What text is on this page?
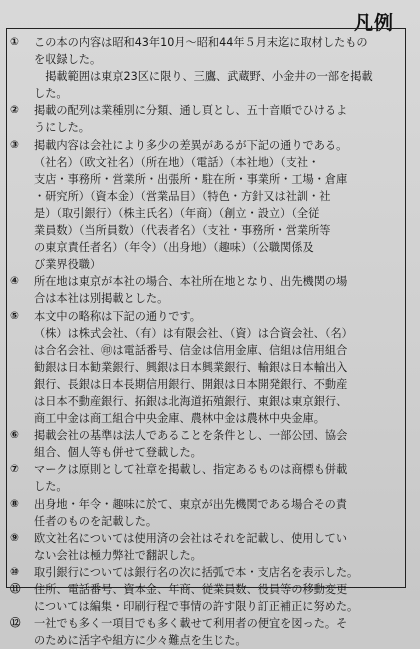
凡例
①	この本の内容は昭和43年10月～昭和44年５月末迄に取材したもの
を収録した。
　掲載範囲は東京23区に限り、三鷹、武蔵野、小金井の一部を掲載
した。
②	掲載の配列は業種別に分類、通し頁とし、五十音順でひけるよ
うにした。
③	掲載内容は会社により多少の差異があるが下記の通りである。
（社名）（欧文社名）（所在地）（電話）（本社地）（支社・
支店・事務所・営業所・出張所・駐在所・事業所・工場・倉庫
・研究所）（資本金）（営業品目）（特色・方針又は社訓・社
是）（取引銀行）（株主氏名）（年商）（創立・設立）（全従
業員数）（当所員数）（代表者名）（支社・事務所・営業所等
の東京責任者名）（年令）（出身地）（趣味）（公職関係及
び業界役職）
④	所在地は東京が本社の場合、本社所在地となり、出先機関の場
合は本社は別掲載とした。
⑤	本文中の略称は下記の通りです。
（株）は株式会社、（有）は有限会社、（資）は合資会社、（名）
は合名会社、㊞は電話番号、信金は信用金庫、信組は信用組合
勧銀は日本勧業銀行、興銀は日本興業銀行、輸銀は日本輸出入
銀行、長銀は日本長期信用銀行、開銀は日本開発銀行、不動産
は日本不動産銀行、拓銀は北海道拓殖銀行、東銀は東京銀行、
商工中金は商工組合中央金庫、農林中金は農林中央金庫。
⑥	掲載会社の基準は法人であることを条件とし、一部公団、協会
組合、個人等も併せて登載した。
⑦	マークは原則として社章を掲載し、指定あるものは商標も併載
した。
⑧	出身地・年令・趣味に於て、東京が出先機関である場合その責
任者のものを記載した。
⑨	欧文社名については使用済の会社はそれを記載し、使用してい
ない会社は極力弊社で翻訳した。
⑩	取引銀行については銀行名の次に括弧で本・支店名を表示した。
⑪	住所、電話番号、資本金、年商、従業員数、役員等の移動変更
については編集・印刷行程で事情の許す限り訂正補正に努めた。
⑫	一社でも多く一項目でも多く載せて利用者の便宜を図った。そ
のために活字や組方に少々難点を生じた。
